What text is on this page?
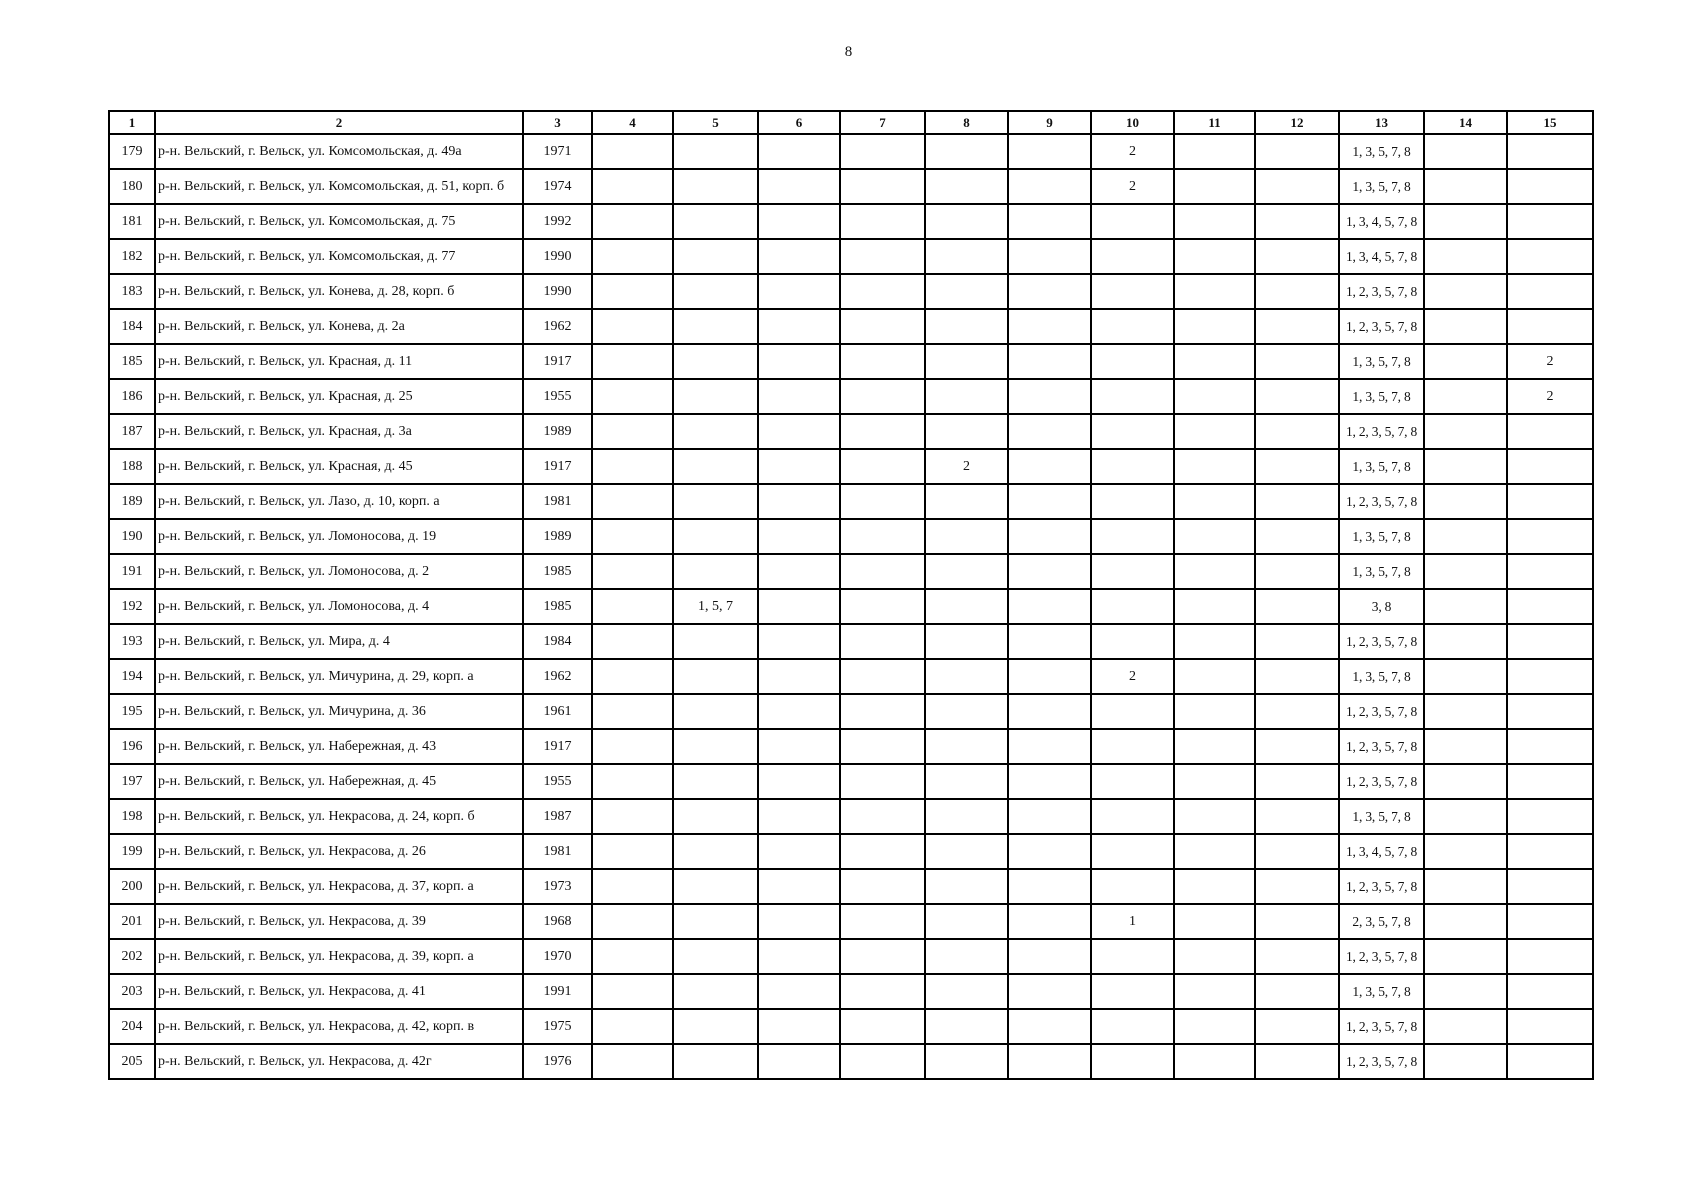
8
1	2	3	4	5	6	7	8	9	10	11	12	13	14	15
179	р-н. Вельский, г. Вельск, ул. Комсомольская, д. 49а	1971							2			1, 3, 5, 7, 8		
180	р-н. Вельский, г. Вельск, ул. Комсомольская, д. 51, корп. б	1974							2			1, 3, 5, 7, 8		
181	р-н. Вельский, г. Вельск, ул. Комсомольская, д. 75	1992										1, 3, 4, 5, 7, 8		
182	р-н. Вельский, г. Вельск, ул. Комсомольская, д. 77	1990										1, 3, 4, 5, 7, 8		
183	р-н. Вельский, г. Вельск, ул. Конева, д. 28, корп. б	1990										1, 2, 3, 5, 7, 8		
184	р-н. Вельский, г. Вельск, ул. Конева, д. 2а	1962										1, 2, 3, 5, 7, 8		
185	р-н. Вельский, г. Вельск, ул. Красная, д. 11	1917										1, 3, 5, 7, 8		2
186	р-н. Вельский, г. Вельск, ул. Красная, д. 25	1955										1, 3, 5, 7, 8		2
187	р-н. Вельский, г. Вельск, ул. Красная, д. 3а	1989										1, 2, 3, 5, 7, 8		
188	р-н. Вельский, г. Вельск, ул. Красная, д. 45	1917					2					1, 3, 5, 7, 8		
189	р-н. Вельский, г. Вельск, ул. Лазо, д. 10, корп. а	1981										1, 2, 3, 5, 7, 8		
190	р-н. Вельский, г. Вельск, ул. Ломоносова, д. 19	1989										1, 3, 5, 7, 8		
191	р-н. Вельский, г. Вельск, ул. Ломоносова, д. 2	1985										1, 3, 5, 7, 8		
192	р-н. Вельский, г. Вельск, ул. Ломоносова, д. 4	1985		1, 5, 7								3, 8		
193	р-н. Вельский, г. Вельск, ул. Мира, д. 4	1984										1, 2, 3, 5, 7, 8		
194	р-н. Вельский, г. Вельск, ул. Мичурина, д. 29, корп. а	1962							2			1, 3, 5, 7, 8		
195	р-н. Вельский, г. Вельск, ул. Мичурина, д. 36	1961										1, 2, 3, 5, 7, 8		
196	р-н. Вельский, г. Вельск, ул. Набережная, д. 43	1917										1, 2, 3, 5, 7, 8		
197	р-н. Вельский, г. Вельск, ул. Набережная, д. 45	1955										1, 2, 3, 5, 7, 8		
198	р-н. Вельский, г. Вельск, ул. Некрасова, д. 24, корп. б	1987										1, 3, 5, 7, 8		
199	р-н. Вельский, г. Вельск, ул. Некрасова, д. 26	1981										1, 3, 4, 5, 7, 8		
200	р-н. Вельский, г. Вельск, ул. Некрасова, д. 37, корп. а	1973										1, 2, 3, 5, 7, 8		
201	р-н. Вельский, г. Вельск, ул. Некрасова, д. 39	1968							1			2, 3, 5, 7, 8		
202	р-н. Вельский, г. Вельск, ул. Некрасова, д. 39, корп. а	1970										1, 2, 3, 5, 7, 8		
203	р-н. Вельский, г. Вельск, ул. Некрасова, д. 41	1991										1, 3, 5, 7, 8		
204	р-н. Вельский, г. Вельск, ул. Некрасова, д. 42, корп. в	1975										1, 2, 3, 5, 7, 8		
205	р-н. Вельский, г. Вельск, ул. Некрасова, д. 42г	1976										1, 2, 3, 5, 7, 8		
